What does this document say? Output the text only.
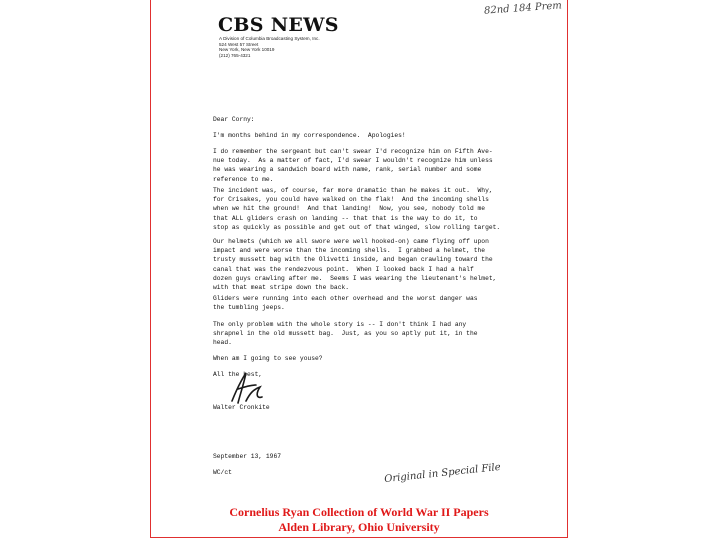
CBS NEWS
A Division of Columbia Broadcasting System, Inc.
524 West 57 Street
New York, New York 10019
(212) 765-4321
82nd 184 Prem
Dear Corny:
I'm months behind in my correspondence.  Apologies!
I do remember the sergeant but can't swear I'd recognize him on Fifth Ave-
nue today.  As a matter of fact, I'd swear I wouldn't recognize him unless
he was wearing a sandwich board with name, rank, serial number and some
reference to me.
The incident was, of course, far more dramatic than he makes it out.  Why,
for Crisakes, you could have walked on the flak!  And the incoming shells
when we hit the ground!  And that landing!  Now, you see, nobody told me
that ALL gliders crash on landing -- that that is the way to do it, to
stop as quickly as possible and get out of that winged, slow rolling target.
Our helmets (which we all swore were well hooked-on) came flying off upon
impact and were worse than the incoming shells.  I grabbed a helmet, the
trusty mussett bag with the Olivetti inside, and began crawling toward the
canal that was the rendezvous point.  When I looked back I had a half
dozen guys crawling after me.  Seems I was wearing the lieutenant's helmet,
with that meat stripe down the back.
Gliders were running into each other overhead and the worst danger was
the tumbling jeeps.
The only problem with the whole story is -- I don't think I had any
shrapnel in the old mussett bag.  Just, as you so aptly put it, in the
head.
When am I going to see youse?
All the best,
Walter Cronkite
September 13, 1967
WC/ct	Original in Special File
Cornelius Ryan Collection of World War II Papers
Alden Library, Ohio University
